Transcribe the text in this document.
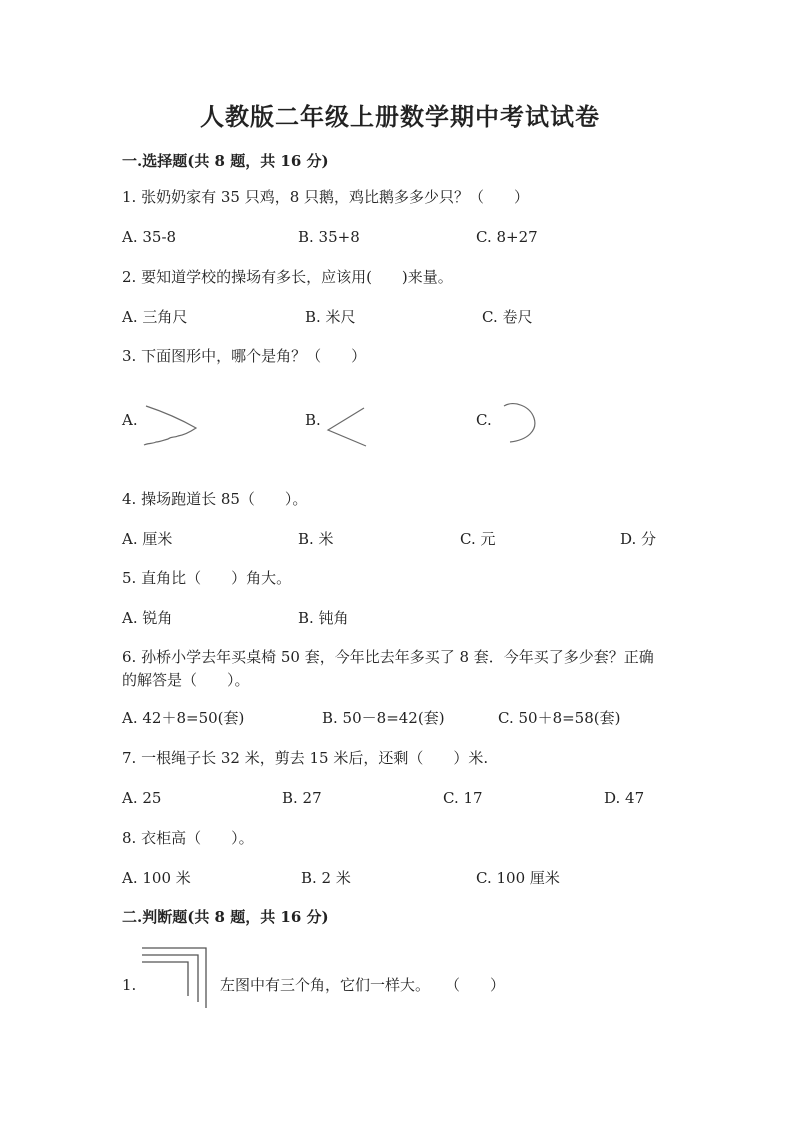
人教版二年级上册数学期中考试试卷
一.选择题(共 8 题，共 16 分)
1. 张奶奶家有 35 只鸡，8 只鹅，鸡比鹅多多少只？（　　）
A. 35-8	B. 35+8	C. 8+27
2. 要知道学校的操场有多长，应该用(　　)来量。
A. 三角尺	B. 米尺	C. 卷尺
3. 下面图形中，哪个是角？（　　）
A.	B.	C.
4. 操场跑道长 85（　　）。
A. 厘米	B. 米	C. 元	D. 分
5. 直角比（　　）角大。
A. 锐角	B. 钝角
6. 孙桥小学去年买桌椅 50 套，今年比去年多买了 8 套．今年买了多少套？正确
的解答是（　　）。
A. 42＋8=50(套)	B. 50－8=42(套)	C. 50＋8=58(套)
7. 一根绳子长 32 米，剪去 15 米后，还剩（　　）米.
A. 25	B. 27	C. 17	D. 47
8. 衣柜高（　　）。
A. 100 米	B. 2 米	C. 100 厘米
二.判断题(共 8 题，共 16 分)
1.	左图中有三个角，它们一样大。　　（　　）
